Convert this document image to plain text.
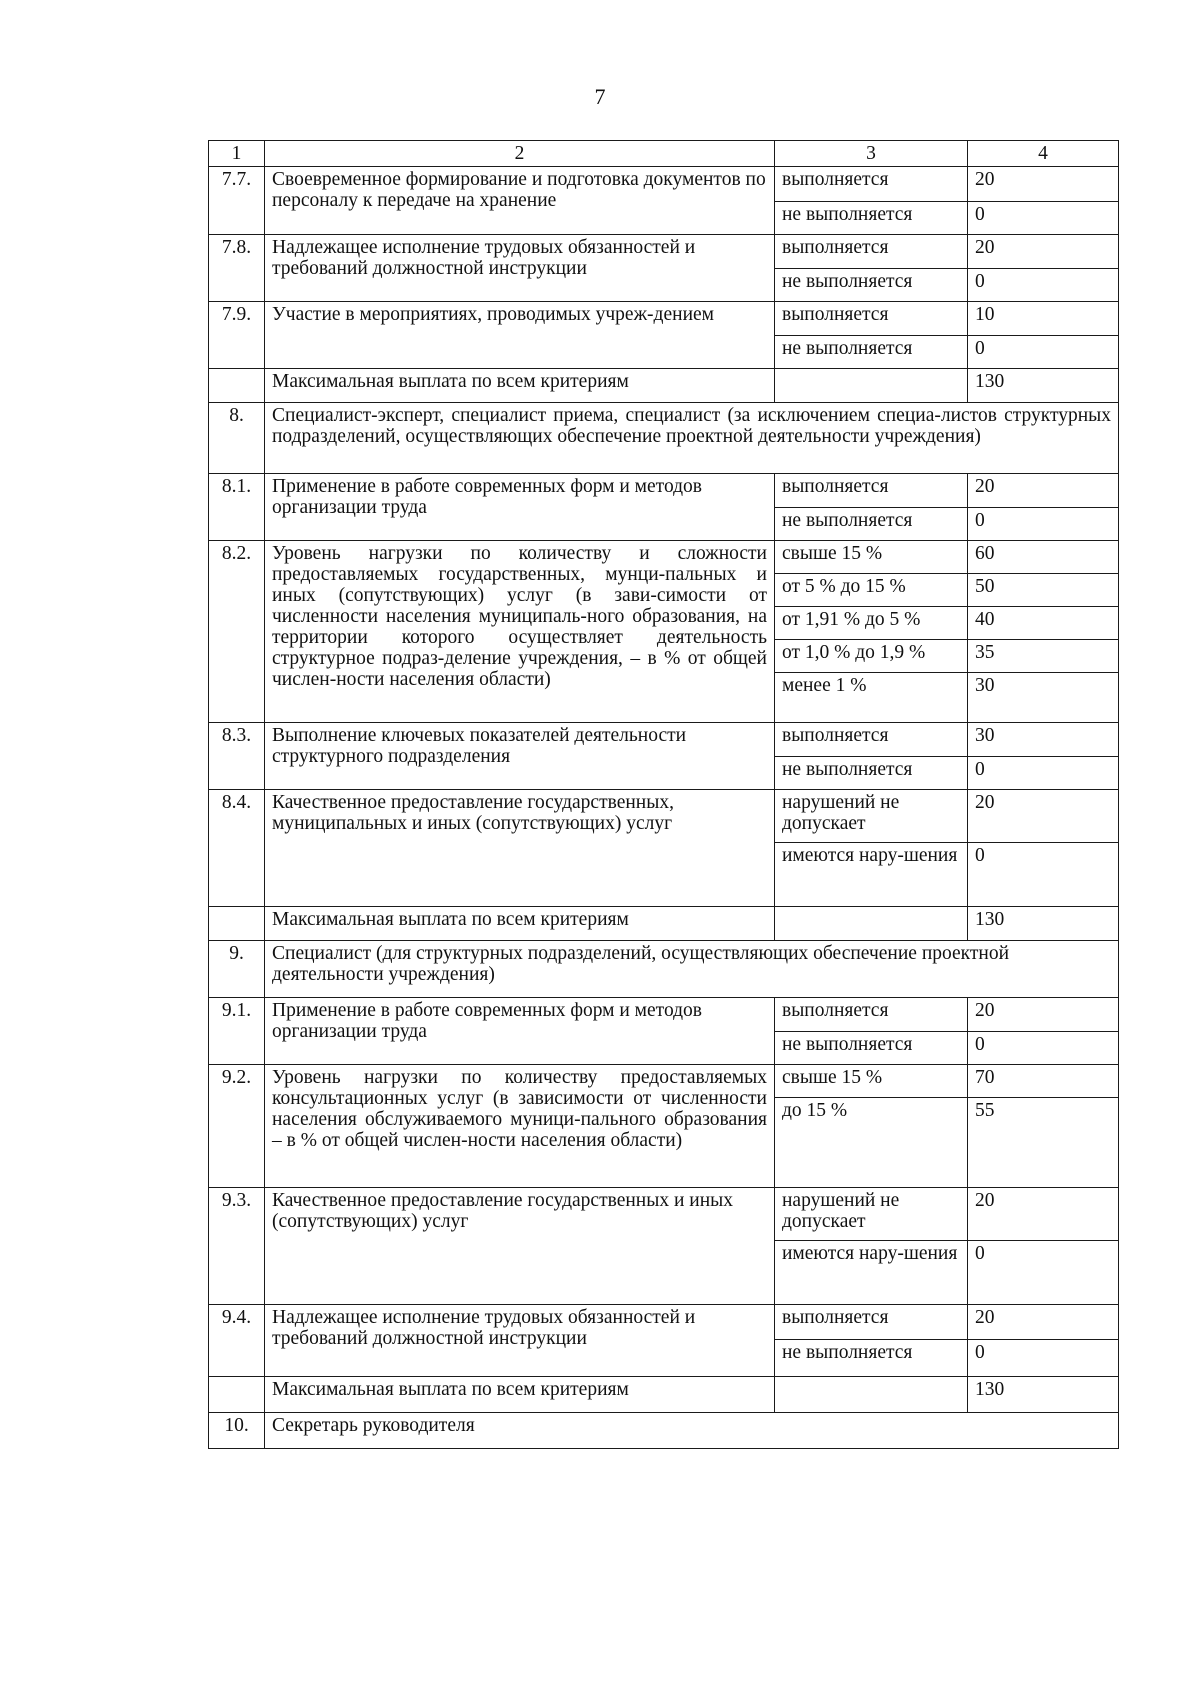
7
1	2	3	4
7.7.	Своевременное формирование и подготовка документов по персоналу к передаче на хранение	выполняется	20
		не выполняется	0
7.8.	Надлежащее исполнение трудовых обязанностей и требований должностной инструкции	выполняется	20
		не выполняется	0
7.9.	Участие в мероприятиях, проводимых учреж-дением	выполняется	10
		не выполняется	0
	Максимальная выплата по всем критериям		130
8.	Специалист-эксперт, специалист приема, специалист (за исключением специа-листов структурных подразделений, осуществляющих обеспечение проектной деятельности учреждения)		
8.1.	Применение в работе современных форм и методов организации труда	выполняется	20
		не выполняется	0
8.2.	Уровень нагрузки по количеству и сложности предоставляемых государственных, мунци-пальных и иных (сопутствующих) услуг (в зави-симости от численности населения муниципаль-ного образования, на территории которого осуществляет деятельность структурное подраз-деление учреждения, – в % от общей числен-ности населения области)	свыше 15 %	60
		от 5 % до 15 %	50
		от 1,91 % до 5 %	40
		от 1,0 % до 1,9 %	35
		менее 1 %	30
8.3.	Выполнение ключевых показателей деятельности структурного подразделения	выполняется	30
		не выполняется	0
8.4.	Качественное предоставление государственных, муниципальных и иных (сопутствующих) услуг	нарушений не допускает	20
		имеются нару-шения	0
	Максимальная выплата по всем критериям		130
9.	Специалист (для структурных подразделений, осуществляющих обеспечение проектной деятельности учреждения)		
9.1.	Применение в работе современных форм и методов организации труда	выполняется	20
		не выполняется	0
9.2.	Уровень нагрузки по количеству предоставляемых консультационных услуг (в зависимости от численности населения обслуживаемого муници-пального образования – в % от общей числен-ности населения области)	свыше 15 %	70
		до 15 %	55
9.3.	Качественное предоставление государственных и иных (сопутствующих) услуг	нарушений не допускает	20
		имеются нару-шения	0
9.4.	Надлежащее исполнение трудовых обязанностей и требований должностной инструкции	выполняется	20
		не выполняется	0
	Максимальная выплата по всем критериям		130
10.	Секретарь руководителя		
